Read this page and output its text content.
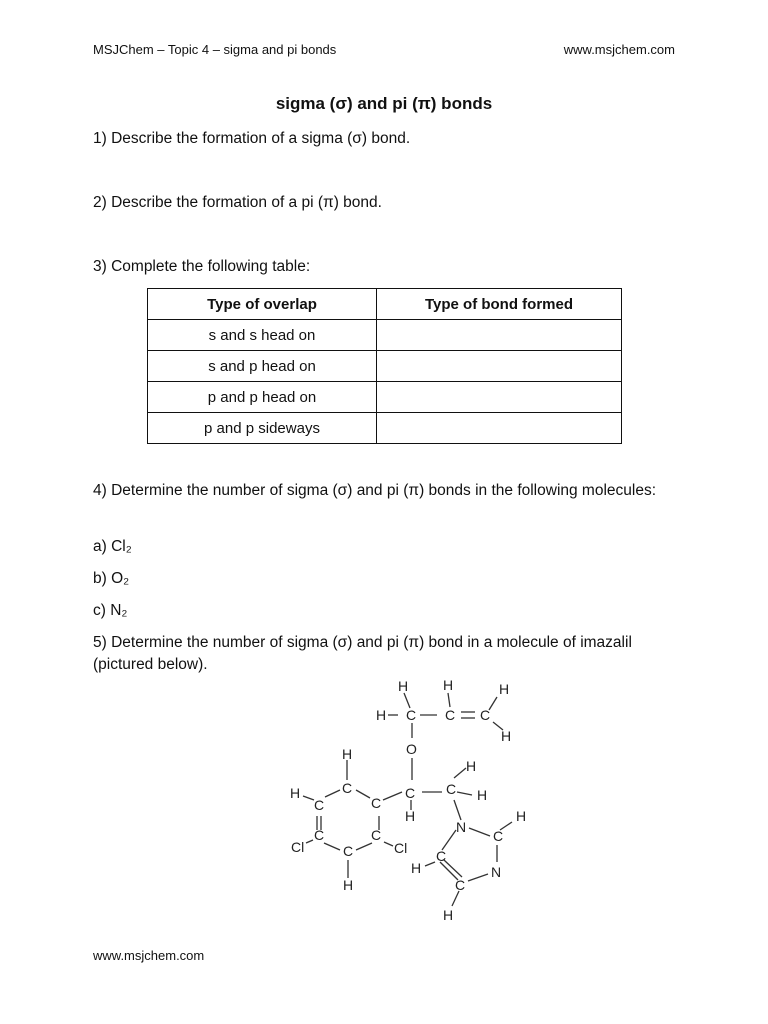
MSJChem – Topic 4 – sigma and pi bonds	www.msjchem.com
sigma (σ) and pi (π) bonds
1) Describe the formation of a sigma (σ) bond.
2) Describe the formation of a pi (π) bond.
3) Complete the following table:
Type of overlap	Type of bond formed
s and s head on	
s and p head on	
p and p head on	
p and p sideways	
4) Determine the number of sigma (σ) and pi (π) bonds in the following molecules:
a) Cl₂
b) O₂
c) N₂
5) Determine the number of sigma (σ) and pi (π) bond in a molecule of imazalil (pictured below).
H H	H
H C C C
H
O
H
H
C	C
H	C	H
C	C
H	H
N
C
C	C
Cl	Cl
C	C
H	N
C
H
H
www.msjchem.com
